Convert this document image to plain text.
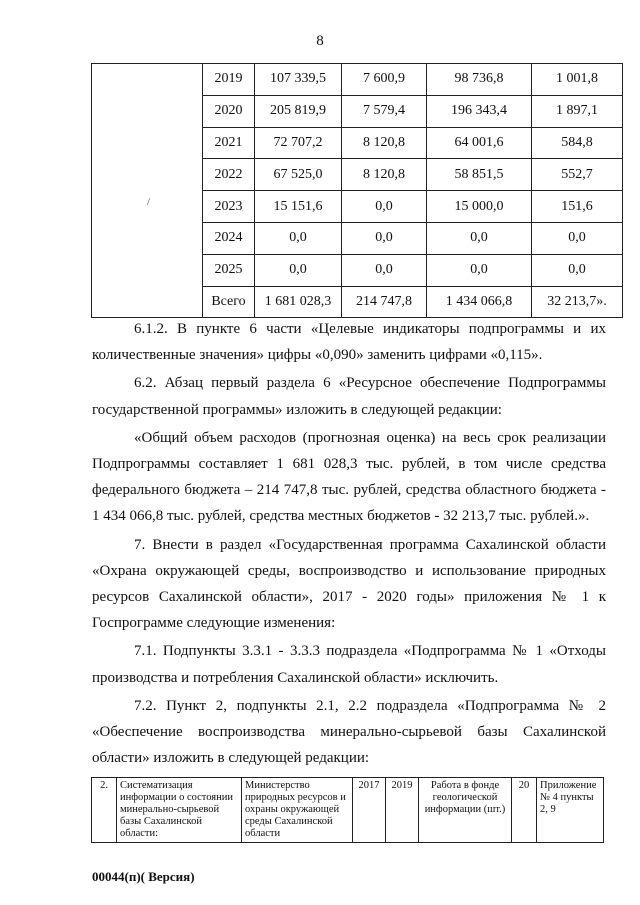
8
	2019	107 339,5	7 600,9	98 736,8	1 001,8
	2020	205 819,9	7 579,4	196 343,4	1 897,1
	2021	72 707,2	8 120,8	64 001,6	584,8
	2022	67 525,0	8 120,8	58 851,5	552,7
	2023	15 151,6	0,0	15 000,0	151,6
	2024	0,0	0,0	0,0	0,0
	2025	0,0	0,0	0,0	0,0
	Всего	1 681 028,3	214 747,8	1 434 066,8	32 213,7».
/

6.1.2. В пункте 6 части «Целевые индикаторы подпрограммы и их количественные значения» цифры «0,090» заменить цифрами «0,115».

6.2. Абзац первый раздела 6 «Ресурсное обеспечение Подпрограммы государственной программы» изложить в следующей редакции:

«Общий объем расходов (прогнозная оценка) на весь срок реализации Подпрограммы составляет 1 681 028,3 тыс. рублей, в том числе средства федерального бюджета – 214 747,8 тыс. рублей, средства областного бюджета - 1 434 066,8 тыс. рублей, средства местных бюджетов - 32 213,7 тыс. рублей.».

7. Внести в раздел «Государственная программа Сахалинской области «Охрана окружающей среды, воспроизводство и использование природных ресурсов Сахалинской области», 2017 - 2020 годы» приложения № 1 к Госпрограмме следующие изменения:

7.1. Подпункты 3.3.1 - 3.3.3 подраздела «Подпрограмма № 1 «Отходы производства и потребления Сахалинской области» исключить.

7.2. Пункт 2, подпункты 2.1, 2.2 подраздела «Подпрограмма № 2 «Обеспечение воспроизводства минерально-сырьевой базы Сахалинской области» изложить в следующей редакции:

2.	Систематизация информации о состоянии минерально-сырьевой базы Сахалинской области:	Министерство природных ресурсов и охраны окружающей среды Сахалинской области	2017	2019	Работа в фонде геологической информации (шт.)	20	Приложение № 4 пункты 2, 9
00044(п)( Версия)
